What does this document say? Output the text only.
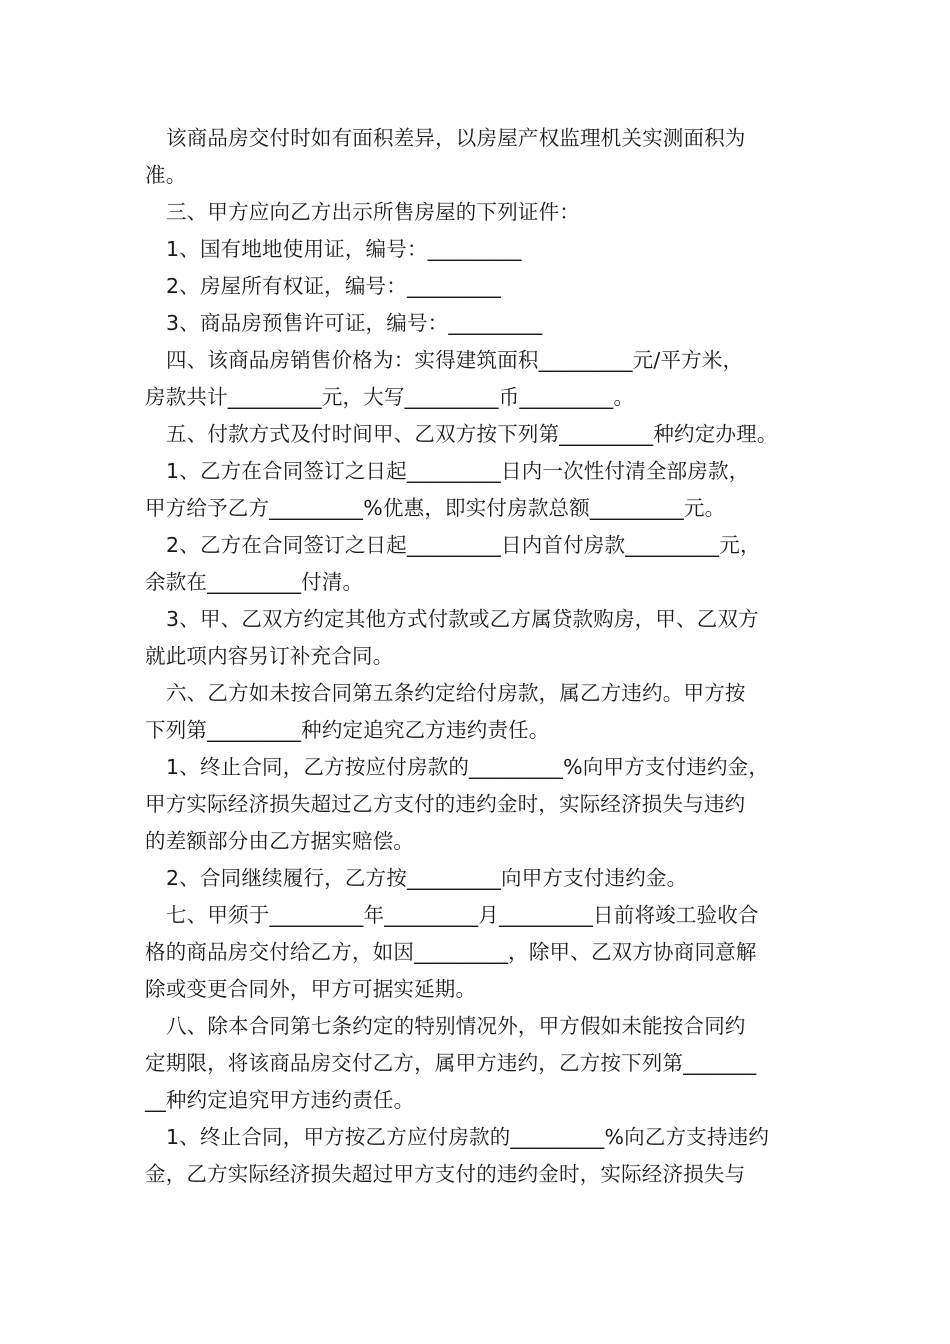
该商品房交付时如有面积差异，以房屋产权监理机关实测面积为
准。
三、甲方应向乙方出示所售房屋的下列证件：
1、国有地地使用证，编号：_________
2、房屋所有权证，编号：_________
3、商品房预售许可证，编号：_________
四、该商品房销售价格为：实得建筑面积_________元/平方米，
房款共计_________元，大写_________币_________。
五、付款方式及付时间甲、乙双方按下列第_________种约定办理。
1、乙方在合同签订之日起_________日内一次性付清全部房款，
甲方给予乙方_________%优惠，即实付房款总额_________元。
2、乙方在合同签订之日起_________日内首付房款_________元，
余款在_________付清。
3、甲、乙双方约定其他方式付款或乙方属贷款购房，甲、乙双方
就此项内容另订补充合同。
六、乙方如未按合同第五条约定给付房款，属乙方违约。甲方按
下列第_________种约定追究乙方违约责任。
1、终止合同，乙方按应付房款的_________%向甲方支付违约金，
甲方实际经济损失超过乙方支付的违约金时，实际经济损失与违约
的差额部分由乙方据实赔偿。
2、合同继续履行，乙方按_________向甲方支付违约金。
七、甲须于_________年_________月_________日前将竣工验收合
格的商品房交付给乙方，如因_________，除甲、乙双方协商同意解
除或变更合同外，甲方可据实延期。
八、除本合同第七条约定的特别情况外，甲方假如未能按合同约
定期限，将该商品房交付乙方，属甲方违约，乙方按下列第_______
__种约定追究甲方违约责任。
1、终止合同，甲方按乙方应付房款的_________%向乙方支持违约
金，乙方实际经济损失超过甲方支付的违约金时，实际经济损失与
